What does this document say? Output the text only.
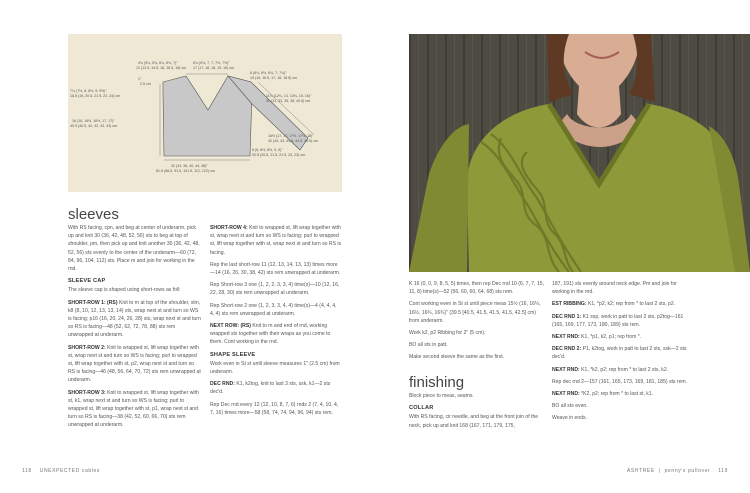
4¾ (5¼, 5¾, 6¼, 6½, 7)"
12 (13.5, 14.5, 16, 16.5, 18) cm
6¾ (6¾, 7, 7, 7½, 7½)"
17 (17, 18, 18, 19, 19) cm
6 (6¼, 6½, 6¾, 7, 7¼)"
15 (16, 16.5, 17, 18, 18.5) cm
1"
2.5 cm
7¼ (7½, 8, 8½, 9, 9½)"
18.5 (19, 20.5, 21.5, 23, 24) cm	11¾ (12¼, 13, 13¾, 15, 16)"
30 (31, 33, 35, 38, 40.5) cm
16 (16, 16½, 16½, 17, 17)"
40.5 (40.5, 42, 42, 43, 43) cm
16½ (17, 17, 17½, 17½, 18)"
42 (43, 43, 44.5, 44.5, 45.5) cm
8 (8, 8½, 8½, 9, 9)"
20.5 (20.5, 21.5, 21.5, 23, 23) cm
32 (34, 36, 40, 44, 48)"
81.5 (86.5, 91.5, 101.5, 112, 122) cm
sleeves

With RS facing, cpn, and beg at center of underarm, pick up and knit 30 (36, 42, 48, 52, 56) sts to beg at top of shoulder, pm, then pick up and knit another 30 (36, 42, 48, 52, 56) sts evenly to the center of the underarm—60 (72, 84, 96, 104, 112) sts. Place m and join for working in the rnd.

SLEEVE CAP

The sleeve cap is shaped using short-rows as foll:

SHORT-ROW 1: (RS) Knit to m at top of the shoulder, slm, k8 (8, 10, 12, 13, 13, 14) sts, wrap next st and turn so WS is facing; p16 (16, 20, 24, 26, 28) sts, wrap next st and turn so RS is facing—48 (52, 62, 72, 78, 88) sts rem unwrapped at underarm.

SHORT-ROW 2: Knit to wrapped st, lift wrap together with st, wrap next st and turn so WS is facing; purl to wrapped st, lift wrap together with st, p2, wrap next st and turn so RS is facing—46 (48, 56, 64, 70, 72) sts rem unwrapped at underarm.

SHORT-ROW 3: Knit to wrapped st, lift wrap together with st, k1, wrap next st and turn so WS is facing; purl to wrapped st, lift wrap together with st, p1, wrap next st and turn so RS is facing—38 (42, 52, 60, 66, 70) sts rem unwrapped at underarm.

SHORT-ROW 4: Knit to wrapped st, lift wrap together with st, wrap next st and turn so WS is facing; purl to wrapped st, lift wrap together with st, wrap next st and turn so RS is facing.

Rep the last short-row 11 (12, 13, 14, 13, 13) times more—14 (16, 26, 30, 38, 42) sts rem unwrapped at underarm.

Rep Short-row 3 one (1, 2, 2, 3, 3, 4) time(s)—10 (12, 16, 22, 28, 30) sts rem unwrapped at underarm.

Rep Short-row 2 one (1, 2, 3, 3, 4, 4) time(s)—4 (4, 4, 4, 4, 4) sts rem unwrapped at underarm.

NEXT ROW: (RS) Knit to m and end of rnd, working wrapped sts together with their wraps as you come to them. Cont working in the rnd.

SHAPE SLEEVE

Work even in St st until sleeve measures 1" (2.5 cm) from underarm.

DEC RND: K1, k2tog, knit to last 3 sts, ssk, k1—2 sts dec'd.

Rep Dec rnd every 12 (12, 10, 8, 7, 6) rnds 2 (7, 4, 10, 4, 7, 16) times more—58 (58, 74, 74, 94, 96, 94) sts rem.

K 16 (0, 0, 9, 8, 5, 5) times, then rep Dec rnd 10 (6, 7, 7, 15, 11, 8) time(s)—52 (56, 60, 60, 64, 68) sts rem.

Cont working even in St st until piece meas 15½ (16, 16¼, 16½, 16¾, 16¾)" (39.5 [40.5, 41.5, 41.5, 41.5, 42.5] cm) from underarm.

Work k2, p2 Ribbing for 2" (5 cm).

BO all sts in patt.

Make second sleeve the same as the first.

finishing

Block piece to meas, seams.

COLLAR

With RS facing, cir needle, and beg at the front join of the neck, pick up and knit 168 (167, 171, 179, 175,

187, 191) sts evenly around neck edge. Pm and join for working in the rnd.

EST RIBBING: K1, *p2, k2; rep from * to last 2 sts, p2.

DEC RND 1: K1 ssp, work in patt to last 2 sts, p2tog—161 (165, 169, 177, 173, 180, 189) sts rem.

NEXT RND: K1, *p1, k2, p1; rep from *.

DEC RND 2: P1, k2tog, work in patt to last 2 sts, ssk—2 sts dec'd.

NEXT RND: K1, *k2, p2; rep from * to last 2 sts, k2.

Rep dec rnd 2—157 (161, 165, 173, 169, 181, 185) sts rem.

NEXT RND: *K2, p2; rep from * to last st, k1.

BO all sts even.

Weave in ends.

118 UNEXPECTED cables	ASHTREE  |  penny's pullover 119
